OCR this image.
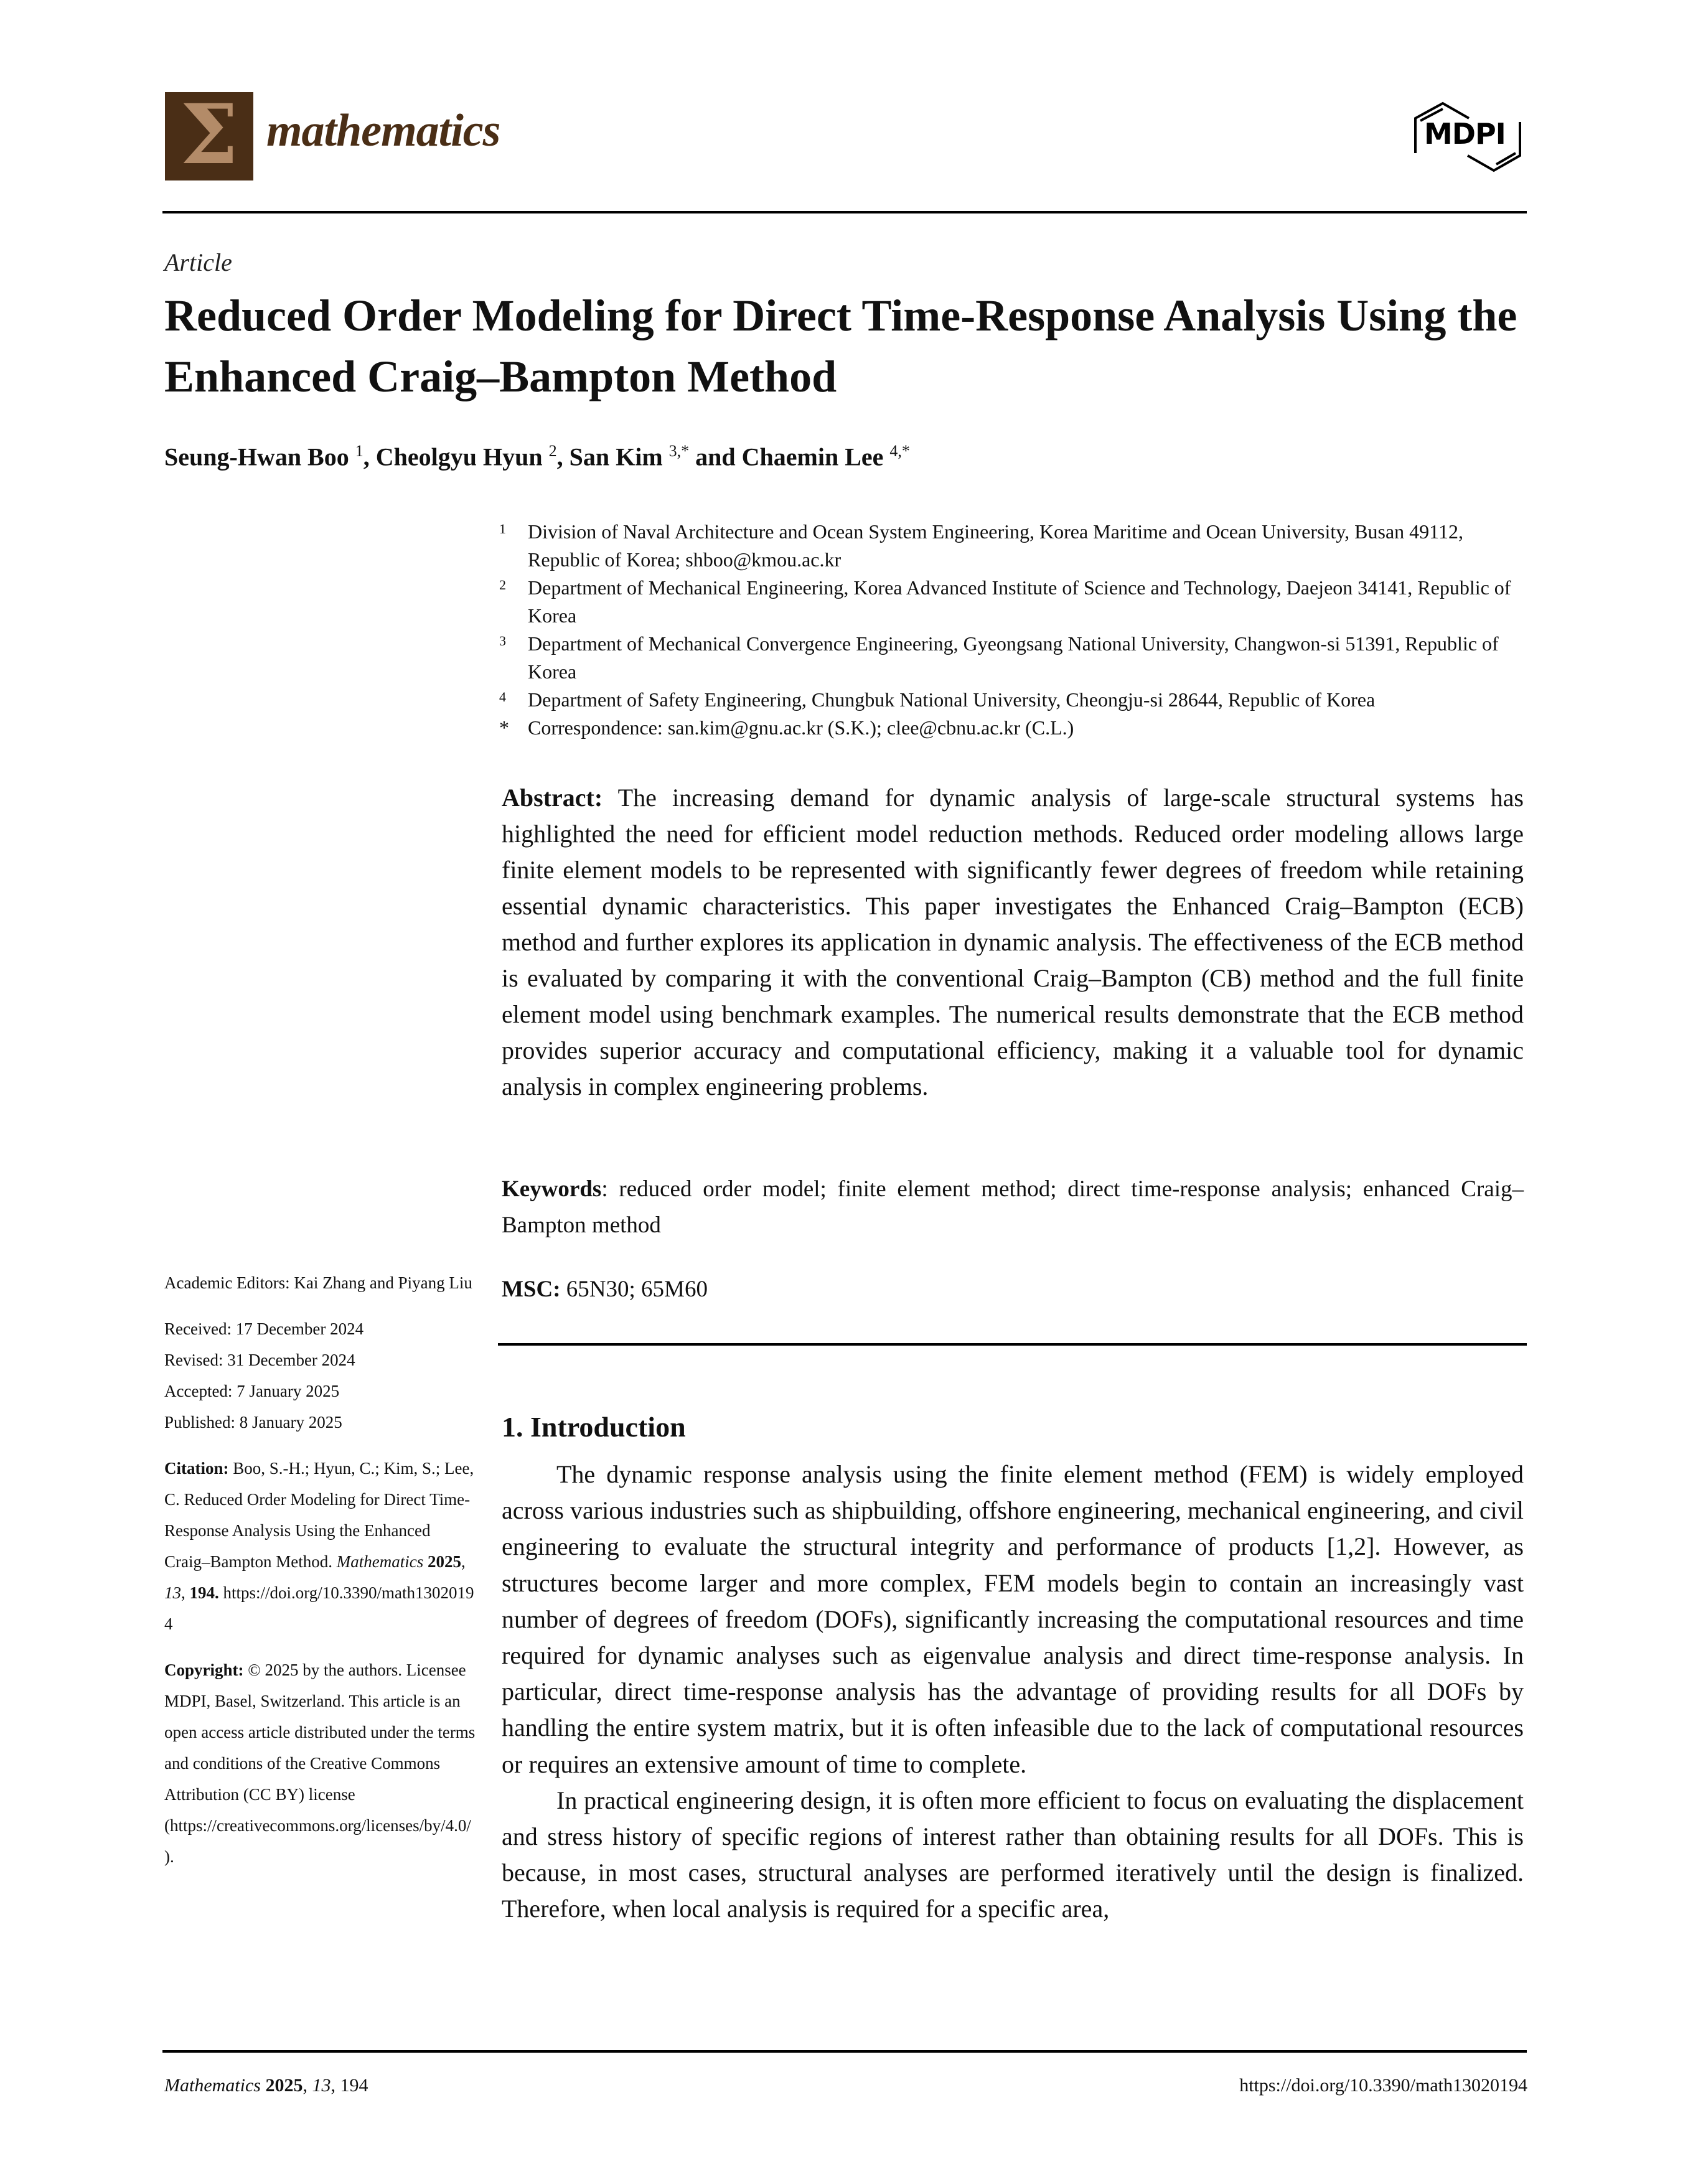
Σ mathematics	MDPI
Article
Reduced Order Modeling for Direct Time-Response Analysis Using the Enhanced Craig–Bampton Method
Seung-Hwan Boo $^1$, Cheolgyu Hyun $^2$, San Kim $^{3,*}$ and Chaemin Lee $^{4,*}$
1	Division of Naval Architecture and Ocean System Engineering, Korea Maritime and Ocean University, Busan 49112, Republic of Korea; shboo@kmou.ac.kr
2	Department of Mechanical Engineering, Korea Advanced Institute of Science and Technology, Daejeon 34141, Republic of Korea
3	Department of Mechanical Convergence Engineering, Gyeongsang National University, Changwon-si 51391, Republic of Korea
4	Department of Safety Engineering, Chungbuk National University, Cheongju-si 28644, Republic of Korea
* Correspondence: san.kim@gnu.ac.kr (S.K.); clee@cbnu.ac.kr (C.L.)
Abstract: The increasing demand for dynamic analysis of large-scale structural systems has highlighted the need for efficient model reduction methods. Reduced order modeling allows large finite element models to be represented with significantly fewer degrees of freedom while retaining essential dynamic characteristics. This paper investigates the Enhanced Craig–Bampton (ECB) method and further explores its application in dynamic analysis. The effectiveness of the ECB method is evaluated by comparing it with the conventional Craig–Bampton (CB) method and the full finite element model using benchmark examples. The numerical results demonstrate that the ECB method provides superior accuracy and computational efficiency, making it a valuable tool for dynamic analysis in complex engineering problems.
Keywords: reduced order model; finite element method; direct time-response analysis; enhanced Craig–Bampton method
MSC: 65N30; 65M60

Academic Editors: Kai Zhang and Piyang Liu

Received: 17 December 2024

Revised: 31 December 2024

Accepted: 7 January 2025

Published: 8 January 2025

Citation: Boo, S.-H.; Hyun, C.; Kim, S.; Lee, C. Reduced Order Modeling for Direct Time-Response Analysis Using the Enhanced Craig–Bampton Method. Mathematics 2025, 13, 194. https://doi.org/10.3390/math13020194

Copyright: © 2025 by the authors. Licensee MDPI, Basel, Switzerland. This article is an open access article distributed under the terms and conditions of the Creative Commons Attribution (CC BY) license (https://creativecommons.org/licenses/by/4.0/).

1. Introduction

The dynamic response analysis using the finite element method (FEM) is widely employed across various industries such as shipbuilding, offshore engineering, mechanical engineering, and civil engineering to evaluate the structural integrity and performance of products [1,2]. However, as structures become larger and more complex, FEM models begin to contain an increasingly vast number of degrees of freedom (DOFs), significantly increasing the computational resources and time required for dynamic analyses such as eigenvalue analysis and direct time-response analysis. In particular, direct time-response analysis has the advantage of providing results for all DOFs by handling the entire system matrix, but it is often infeasible due to the lack of computational resources or requires an extensive amount of time to complete.

In practical engineering design, it is often more efficient to focus on evaluating the displacement and stress history of specific regions of interest rather than obtaining results for all DOFs. This is because, in most cases, structural analyses are performed iteratively until the design is finalized. Therefore, when local analysis is required for a specific area,

Mathematics 2025, 13, 194	https://doi.org/10.3390/math13020194
